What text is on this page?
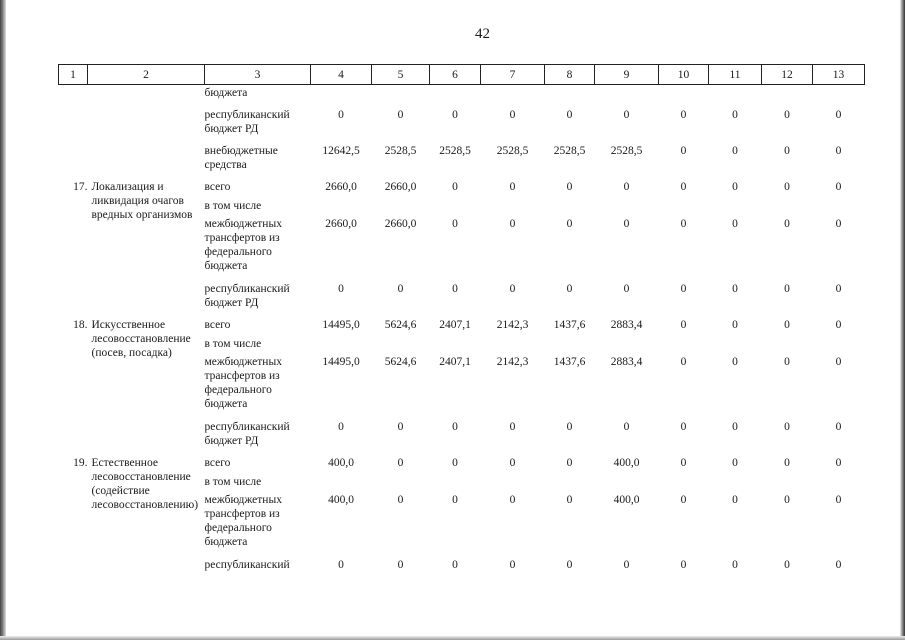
42
1	2	3	4	5	6	7	8	9	10	11	12	13
		бюджета										
		республиканский бюджет РД	0	0	0	0	0	0	0	0	0	0
		внебюджетные средства	12642,5	2528,5	2528,5	2528,5	2528,5	2528,5	0	0	0	0
17.	Локализация и ликвидация очагов вредных организмов	всего	2660,0	2660,0	0	0	0	0	0	0	0	0
		в том числе										
		межбюджетных трансфертов из федерального бюджета	2660,0	2660,0	0	0	0	0	0	0	0	0
		республиканский бюджет РД	0	0	0	0	0	0	0	0	0	0
18.	Искусственное лесовосстановление (посев, посадка)	всего	14495,0	5624,6	2407,1	2142,3	1437,6	2883,4	0	0	0	0
		в том числе										
		межбюджетных трансфертов из федерального бюджета	14495,0	5624,6	2407,1	2142,3	1437,6	2883,4	0	0	0	0
		республиканский бюджет РД	0	0	0	0	0	0	0	0	0	0
19.	Естественное лесовосстановление (содействие лесовосстановлению)	всего	400,0	0	0	0	0	400,0	0	0	0	0
		в том числе										
		межбюджетных трансфертов из федерального бюджета	400,0	0	0	0	0	400,0	0	0	0	0
		республиканский	0	0	0	0	0	0	0	0	0	0
